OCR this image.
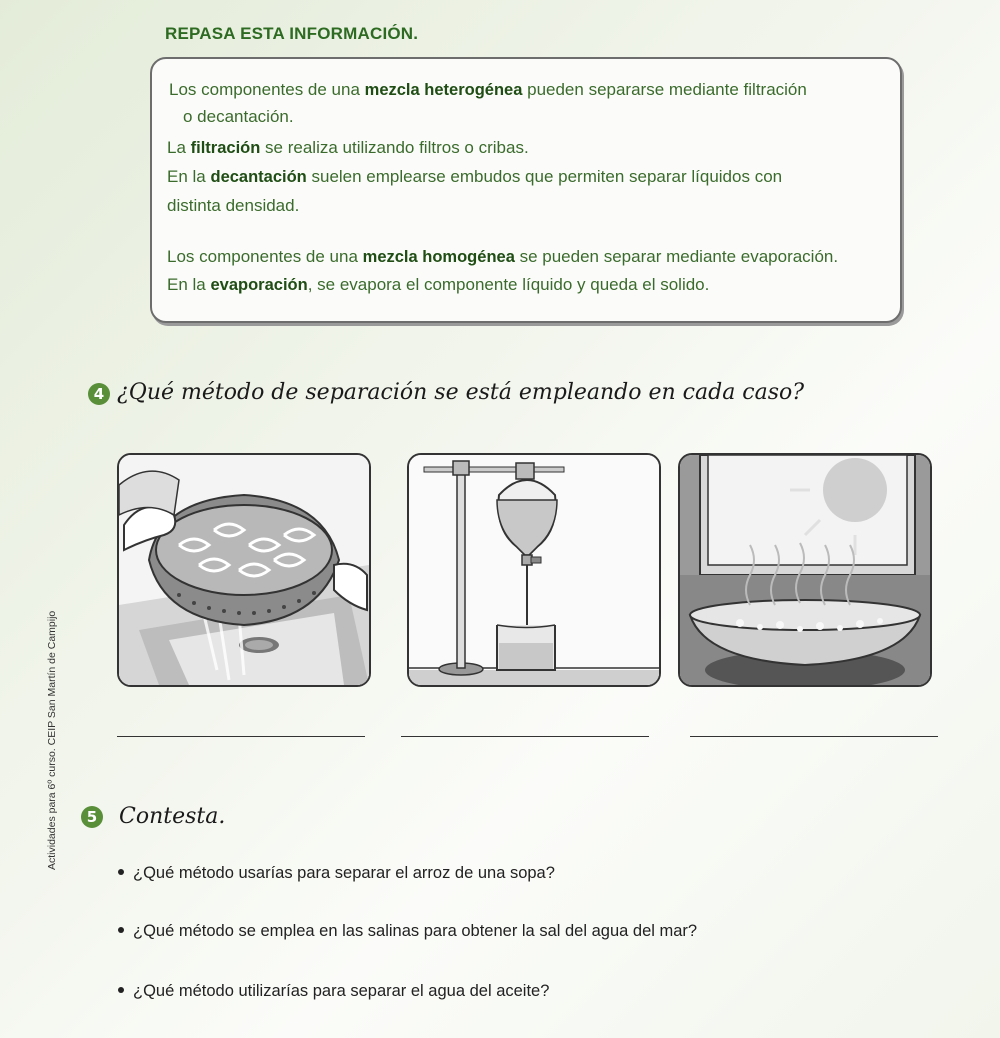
REPASA ESTA INFORMACIÓN.

Los componentes de una mezcla heterogénea pueden separarse mediante filtración

o decantación.

La filtración se realiza utilizando filtros o cribas.

En la decantación suelen emplearse embudos que permiten separar líquidos con

distinta densidad.

Los componentes de una mezcla homogénea se pueden separar mediante evaporación.

En la evaporación, se evapora el componente líquido y queda el solido.

4 ¿Qué método de separación se está empleando en cada caso?
Actividades para 6º curso. CEIP San Martín de Campijo	5 Contesta.
¿Qué método usarías para separar el arroz de una sopa?
¿Qué método se emplea en las salinas para obtener la sal del agua del mar?
¿Qué método utilizarías para separar el agua del aceite?
